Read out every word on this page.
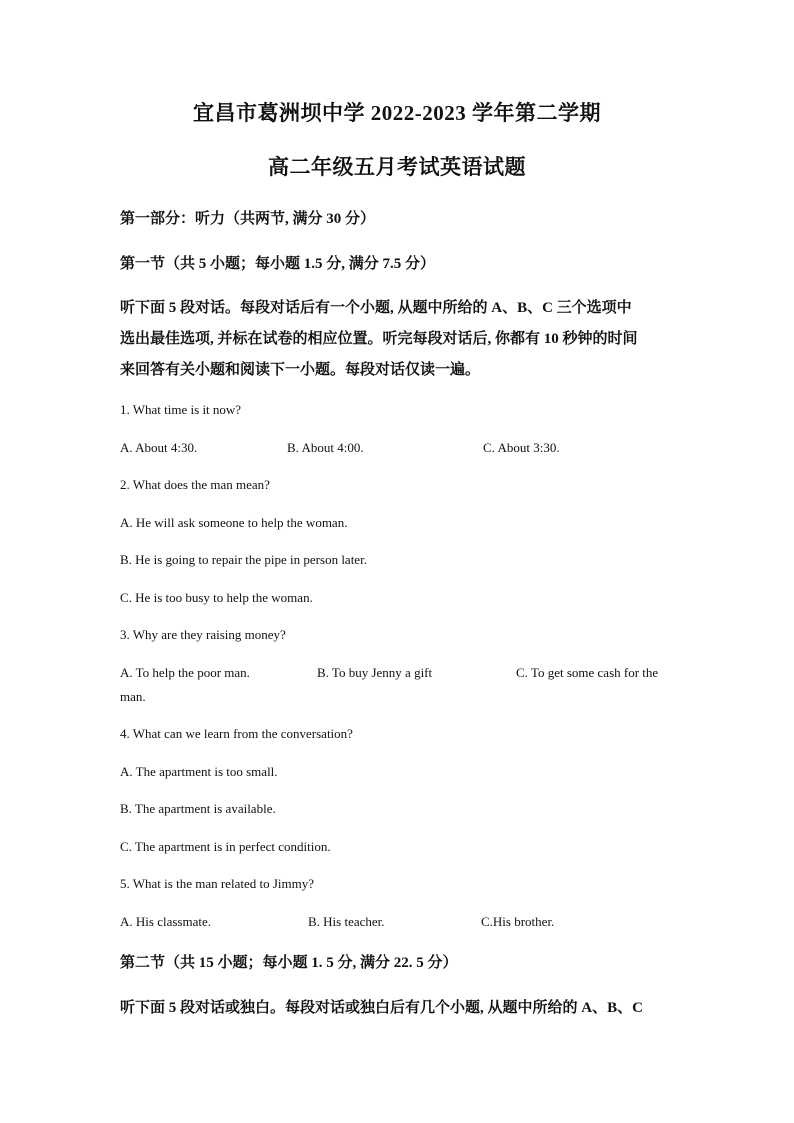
宜昌市葛洲坝中学 2022-2023 学年第二学期
高二年级五月考试英语试题
第一部分：听力（共两节, 满分 30 分）
第一节（共 5 小题；每小题 1.5 分, 满分 7.5 分）
听下面 5 段对话。每段对话后有一个小题, 从题中所给的 A、B、C 三个选项中
选出最佳选项, 并标在试卷的相应位置。听完每段对话后, 你都有 10 秒钟的时间
来回答有关小题和阅读下一小题。每段对话仅读一遍。
1. What time is it now?
A. About 4:30.	B. About 4:00.	C. About 3:30.
2. What does the man mean?
A. He will ask someone to help the woman.
B. He is going to repair the pipe in person later.
C. He is too busy to help the woman.
3. Why are they raising money?
A. To help the poor man.	B. To buy Jenny a gift	C. To get some cash for the
man.
4. What can we learn from the conversation?
A. The apartment is too small.
B. The apartment is available.
C. The apartment is in perfect condition.
5. What is the man related to Jimmy?
A. His classmate.	B. His teacher.	C.His brother.
第二节（共 15 小题；每小题 1. 5 分, 满分 22. 5 分）
听下面 5 段对话或独白。每段对话或独白后有几个小题, 从题中所给的 A、B、C
